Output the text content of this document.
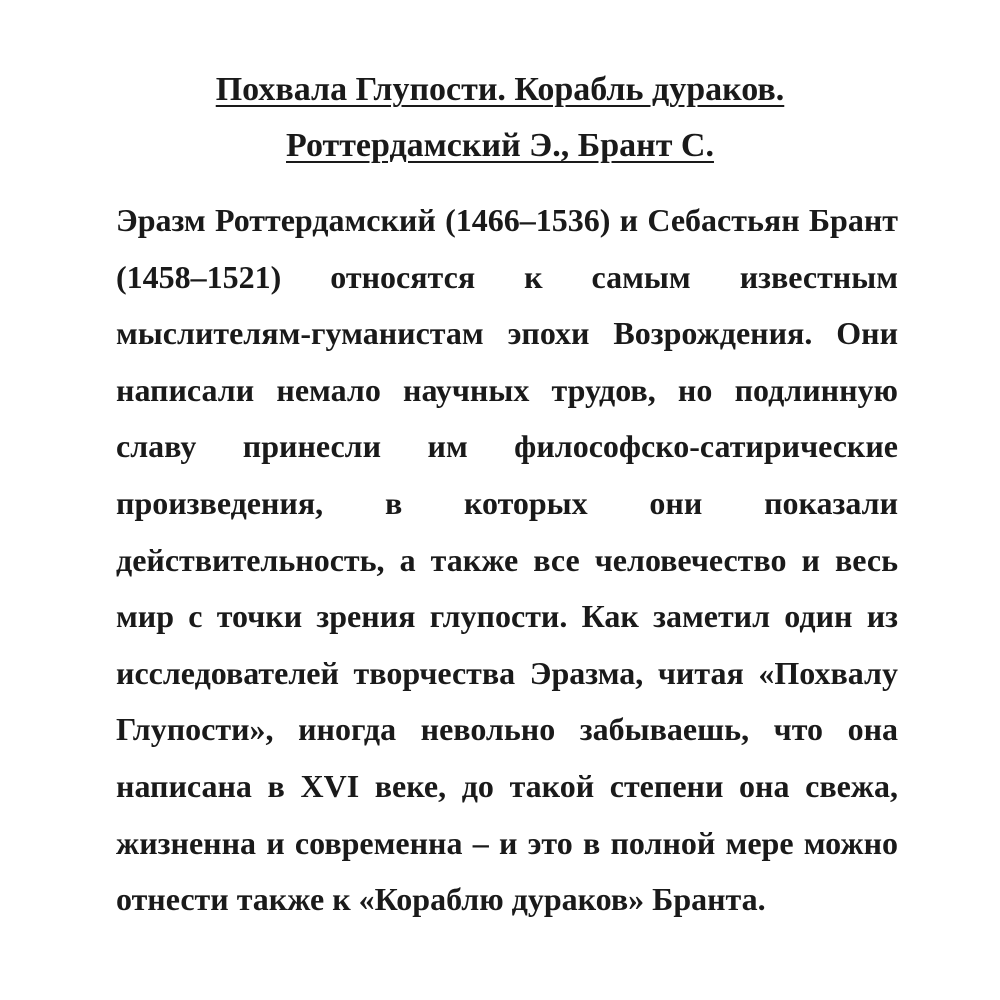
Похвала Глупости. Корабль дураков.
Роттердамский Э., Брант С.

Эразм Роттердамский (1466–1536) и Себастьян Брант (1458–1521) относятся к самым известным мыслителям-гуманистам эпохи Возрождения. Они написали немало научных трудов, но подлинную славу принесли им философско-сатирические произведения, в которых они показали действительность, а также все человечество и весь мир с точки зрения глупости. Как заметил один из исследователей творчества Эразма, читая «Похвалу Глупости», иногда невольно забываешь, что она написана в XVI веке, до такой степени она свежа, жизненна и современна – и это в полной мере можно отнести также к «Кораблю дураков» Бранта.
